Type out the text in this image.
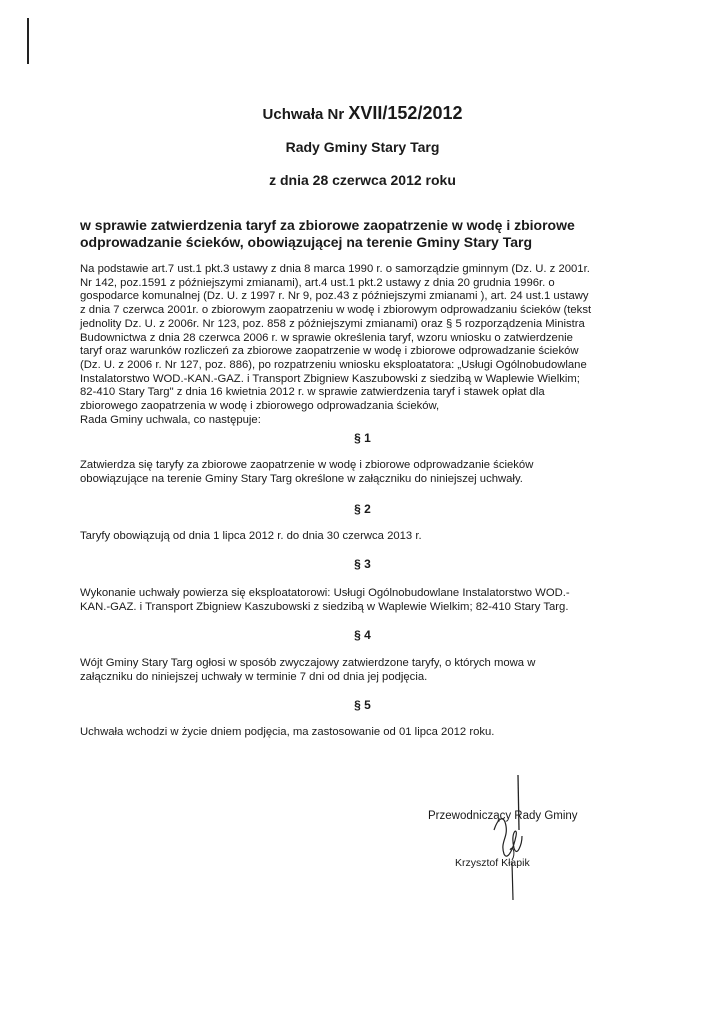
Uchwała Nr XVII/152/2012
Rady Gminy Stary Targ
z dnia 28 czerwca 2012 roku
w sprawie zatwierdzenia taryf za zbiorowe zaopatrzenie w wodę i zbiorowe
odprowadzanie ścieków, obowiązującej na terenie Gminy Stary Targ

Na podstawie art.7 ust.1 pkt.3 ustawy z dnia 8 marca 1990 r. o samorządzie gminnym (Dz. U. z 2001r.

Nr 142, poz.1591 z późniejszymi zmianami), art.4 ust.1 pkt.2 ustawy z dnia 20 grudnia 1996r. o

gospodarce komunalnej (Dz. U. z 1997 r. Nr 9, poz.43 z późniejszymi zmianami ), art. 24 ust.1 ustawy

z dnia 7 czerwca 2001r. o zbiorowym zaopatrzeniu w wodę i zbiorowym odprowadzaniu ścieków (tekst

jednolity Dz. U. z 2006r. Nr 123, poz. 858 z późniejszymi zmianami) oraz § 5 rozporządzenia Ministra

Budownictwa z dnia 28 czerwca 2006 r. w sprawie określenia taryf, wzoru wniosku o zatwierdzenie

taryf oraz warunków rozliczeń za zbiorowe zaopatrzenie w wodę i zbiorowe odprowadzanie ścieków

(Dz. U. z 2006 r. Nr 127, poz. 886), po rozpatrzeniu wniosku eksploatatora: „Usługi Ogólnobudowlane

Instalatorstwo WOD.-KAN.-GAZ. i Transport Zbigniew Kaszubowski z siedzibą w Waplewie Wielkim;

82-410 Stary Targ" z dnia 16 kwietnia 2012 r. w sprawie zatwierdzenia taryf i stawek opłat dla

zbiorowego zaopatrzenia w wodę i zbiorowego odprowadzania ścieków,

Rada Gminy uchwala, co następuje:

§ 1
Zatwierdza się taryfy za zbiorowe zaopatrzenie w wodę i zbiorowe odprowadzanie ścieków
obowiązujące na terenie Gminy Stary Targ określone w załączniku do niniejszej uchwały.
§ 2
Taryfy obowiązują od dnia 1 lipca 2012 r. do dnia 30 czerwca 2013 r.
§ 3
Wykonanie uchwały powierza się eksploatatorowi: Usługi Ogólnobudowlane Instalatorstwo WOD.-
KAN.-GAZ. i Transport Zbigniew Kaszubowski z siedzibą w Waplewie Wielkim; 82-410 Stary Targ.
§ 4
Wójt Gminy Stary Targ ogłosi w sposób zwyczajowy zatwierdzone taryfy, o których mowa w
załączniku do niniejszej uchwały w terminie 7 dni od dnia jej podjęcia.
§ 5
Uchwała wchodzi w życie dniem podjęcia, ma zastosowanie od 01 lipca 2012 roku.
Przewodniczący Rady Gminy
Krzysztof Kłapik
